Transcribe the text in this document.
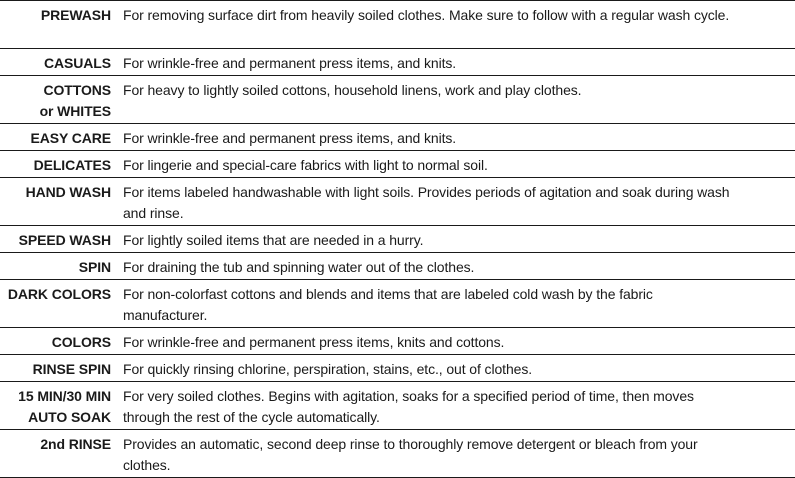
PREWASH For removing surface dirt from heavily soiled clothes. Make sure to follow with a regular wash cycle.
CASUALS For wrinkle-free and permanent press items, and knits.
COTTONS
or WHITES
For heavy to lightly soiled cottons, household linens, work and play clothes.
EASY CARE For wrinkle-free and permanent press items, and knits.
DELICATES For lingerie and special-care fabrics with light to normal soil.
HAND WASH For items labeled handwashable with light soils. Provides periods of agitation and soak during wash and rinse.
SPEED WASH For lightly soiled items that are needed in a hurry.
SPIN For draining the tub and spinning water out of the clothes.
DARK COLORS For non-colorfast cottons and blends and items that are labeled cold wash by the fabric manufacturer.
COLORS For wrinkle-free and permanent press items, knits and cottons.
RINSE SPIN For quickly rinsing chlorine, perspiration, stains, etc., out of clothes.
15 MIN/30 MIN
AUTO SOAK
For very soiled clothes. Begins with agitation, soaks for a specified period of time, then moves through the rest of the cycle automatically.
2nd RINSE Provides an automatic, second deep rinse to thoroughly remove detergent or bleach from your clothes.
